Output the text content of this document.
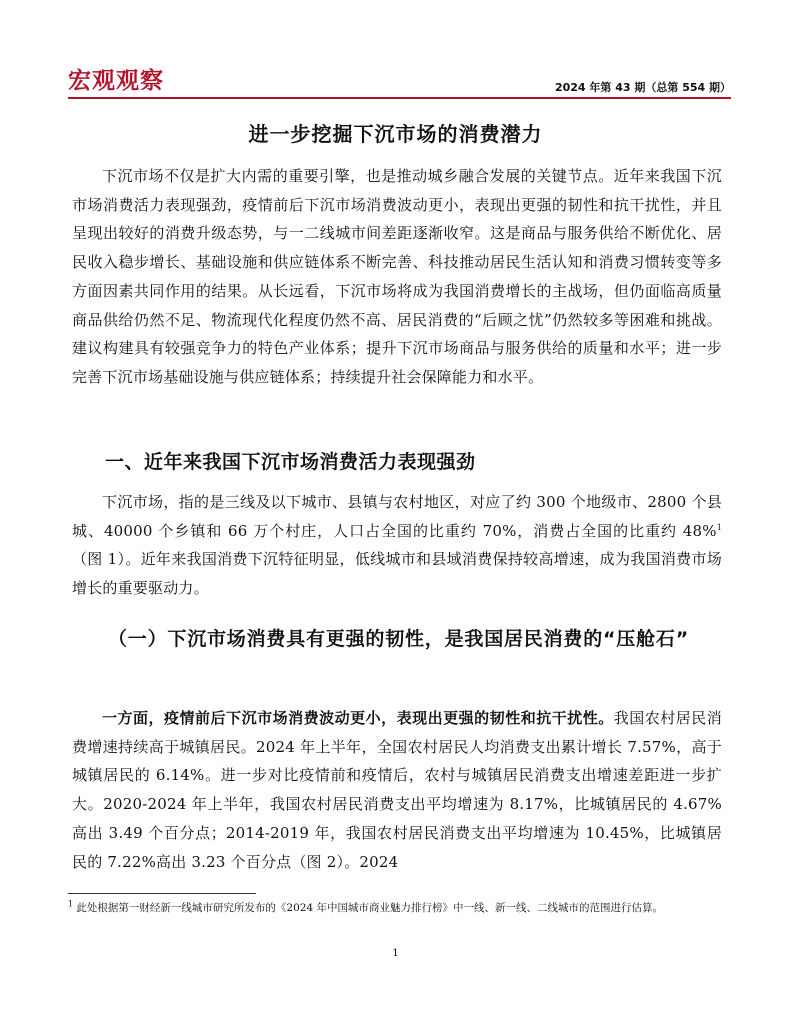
宏观观察	2024 年第 43 期（总第 554 期）
进一步挖掘下沉市场的消费潜力

下沉市场不仅是扩大内需的重要引擎，也是推动城乡融合发展的关键节点。近年来我国下沉市场消费活力表现强劲，疫情前后下沉市场消费波动更小，表现出更强的韧性和抗干扰性，并且呈现出较好的消费升级态势，与一二线城市间差距逐渐收窄。这是商品与服务供给不断优化、居民收入稳步增长、基础设施和供应链体系不断完善、科技推动居民生活认知和消费习惯转变等多方面因素共同作用的结果。从长远看，下沉市场将成为我国消费增长的主战场，但仍面临高质量商品供给仍然不足、物流现代化程度仍然不高、居民消费的“后顾之忧”仍然较多等困难和挑战。建议构建具有较强竞争力的特色产业体系；提升下沉市场商品与服务供给的质量和水平；进一步完善下沉市场基础设施与供应链体系；持续提升社会保障能力和水平。

一、近年来我国下沉市场消费活力表现强劲

下沉市场，指的是三线及以下城市、县镇与农村地区，对应了约 300 个地级市、2800 个县城、40000 个乡镇和 66 万个村庄，人口占全国的比重约 70%，消费占全国的比重约 48%$^1$（图 1）。近年来我国消费下沉特征明显，低线城市和县域消费保持较高增速，成为我国消费市场增长的重要驱动力。

（一）下沉市场消费具有更强的韧性，是我国居民消费的“压舱石”

一方面，疫情前后下沉市场消费波动更小，表现出更强的韧性和抗干扰性。我国农村居民消费增速持续高于城镇居民。2024 年上半年，全国农村居民人均消费支出累计增长 7.57%，高于城镇居民的 6.14%。进一步对比疫情前和疫情后，农村与城镇居民消费支出增速差距进一步扩大。2020-2024 年上半年，我国农村居民消费支出平均增速为 8.17%，比城镇居民的 4.67%高出 3.49 个百分点；2014-2019 年，我国农村居民消费支出平均增速为 10.45%，比城镇居民的 7.22%高出 3.23 个百分点（图 2）。2024

$^1$ 此处根据第一财经新一线城市研究所发布的《2024 年中国城市商业魅力排行榜》中一线、新一线、二线城市的范围进行估算。

1
